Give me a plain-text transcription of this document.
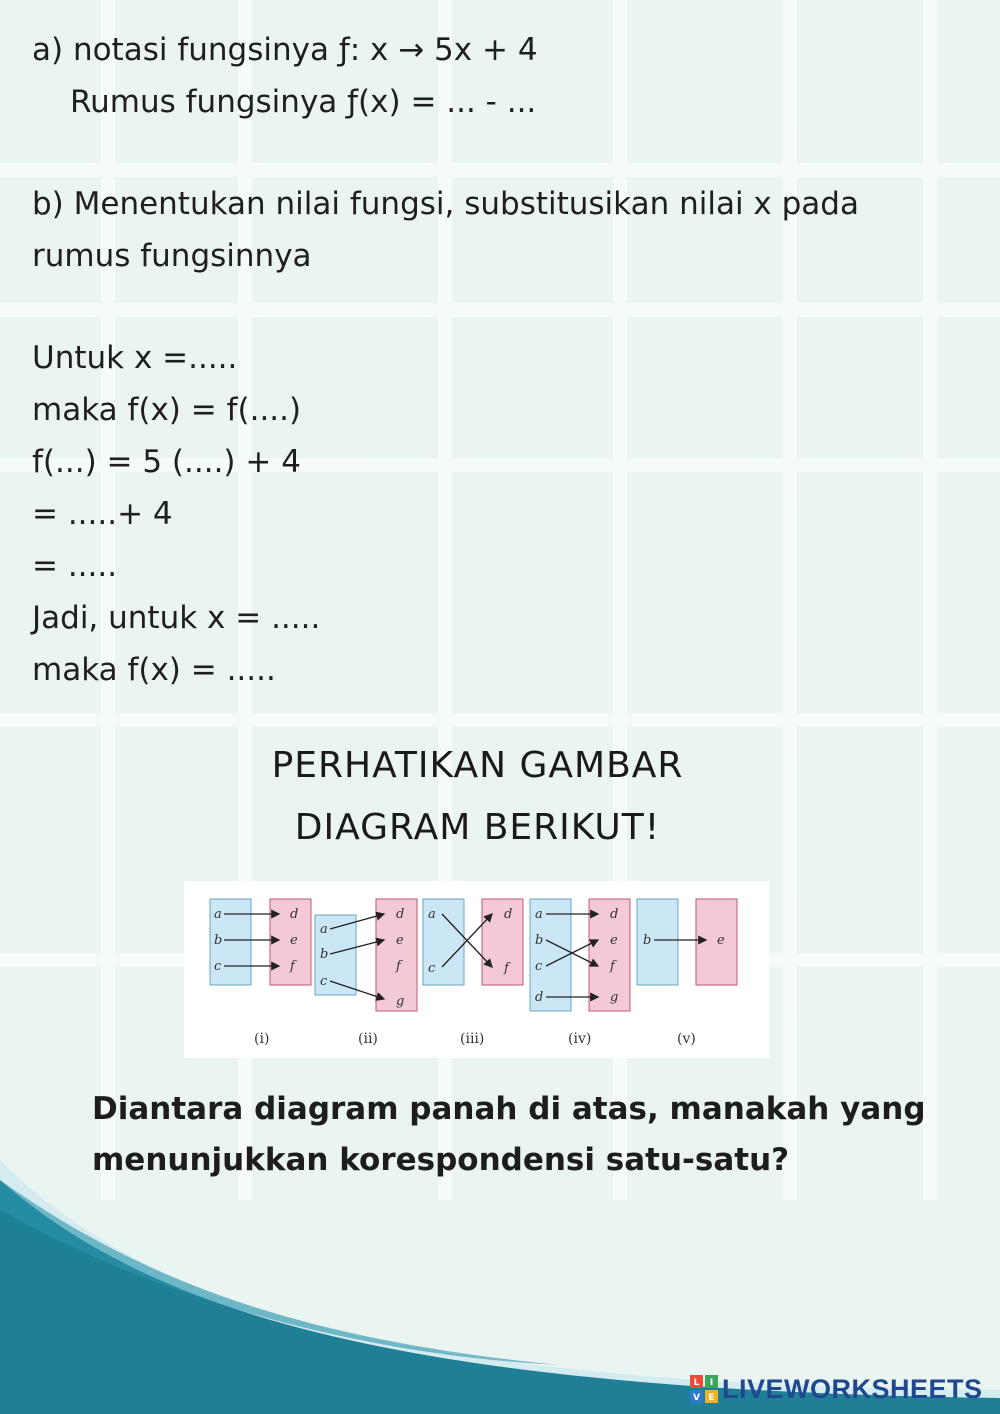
a) notasi fungsinya ƒ: x → 5x + 4
Rumus fungsinya ƒ(x) = ... - ...
b) Menentukan nilai fungsi, substitusikan nilai x pada
rumus fungsinnya
Untuk x =.....
maka f(x) = f(....)
f(...) = 5 (....) + 4
= .....+ 4
= .....
Jadi, untuk x = .....
maka f(x) = .....
PERHATIKAN GAMBAR
DIAGRAM BERIKUT!
a
b
c
d
e
f
(i)
a
b
c
d
e
f
g
(ii)
a
c
d
f
(iii)
a
b
c
d
d
e
f
g
(iv)
b	e
(v)
Diantara diagram panah di atas, manakah yang menunjukkan korespondensi satu-satu?
L I
V E LIVEWORKSHEETS
